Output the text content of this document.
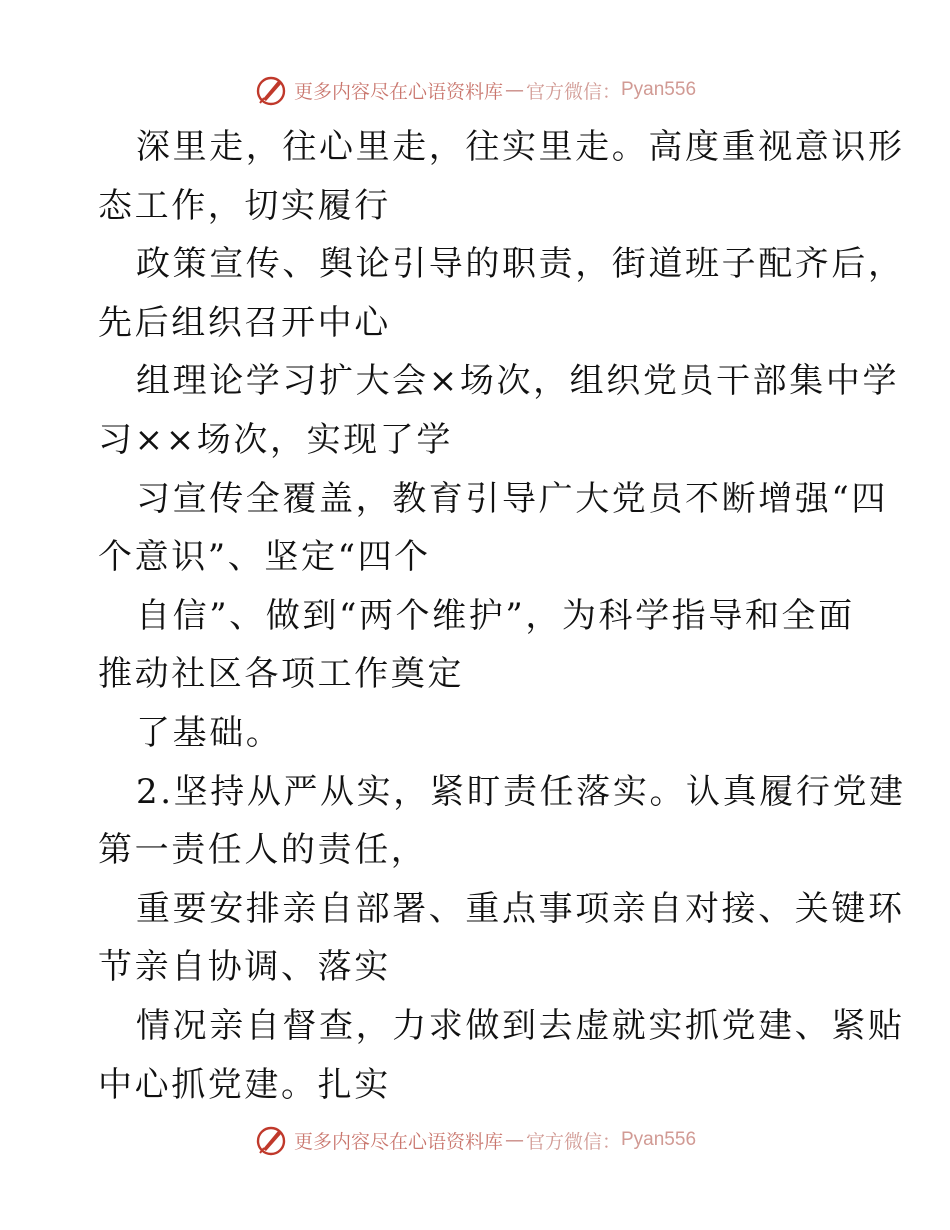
更多内容尽在心语资料库 — 官方微信： Pyan556
深里走，往心里走，往实里走。高度重视意识形
态工作，切实履行
政策宣传、舆论引导的职责，街道班子配齐后，
先后组织召开中心
组理论学习扩大会×场次，组织党员干部集中学
习××场次，实现了学
习宣传全覆盖，教育引导广大党员不断增强“四
个意识”、坚定“四个
自信”、做到“两个维护”，为科学指导和全面
推动社区各项工作奠定
了基础。
2.坚持从严从实，紧盯责任落实。认真履行党建
第一责任人的责任，
重要安排亲自部署、重点事项亲自对接、关键环
节亲自协调、落实
情况亲自督查，力求做到去虚就实抓党建、紧贴
中心抓党建。扎实
更多内容尽在心语资料库 — 官方微信： Pyan556
